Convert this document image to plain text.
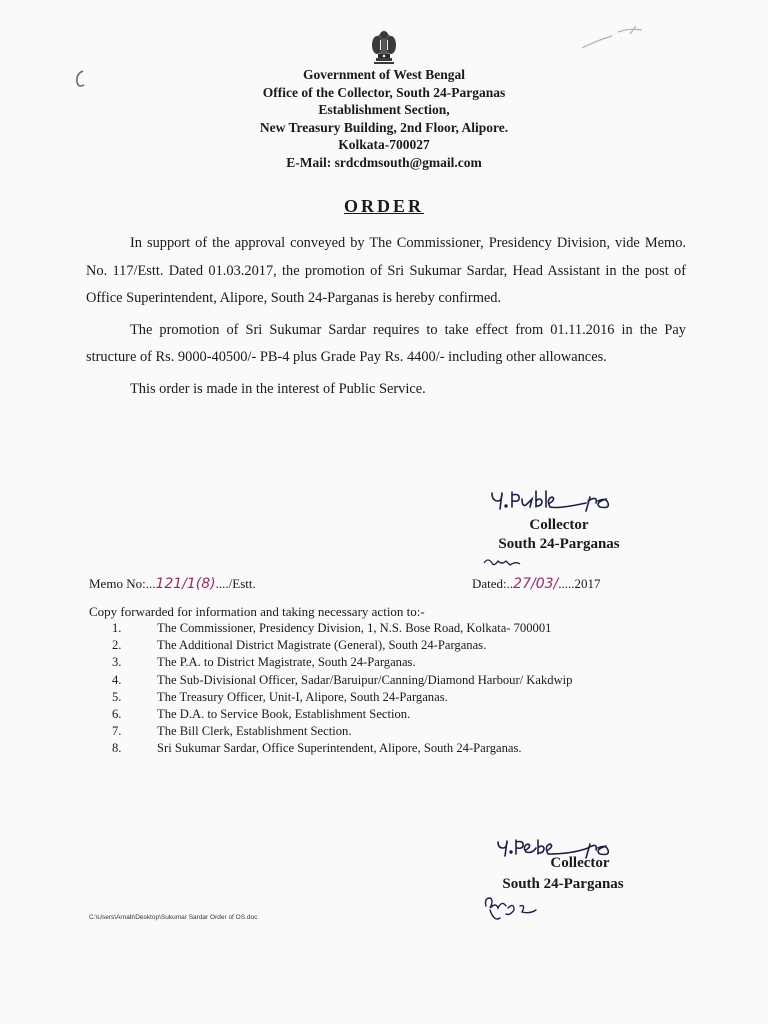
Government of West Bengal
Office of the Collector, South 24-Parganas
Establishment Section,
New Treasury Building, 2nd Floor, Alipore.
Kolkata-700027
E-Mail: srdcdmsouth@gmail.com
ORDER

In support of the approval conveyed by The Commissioner, Presidency Division, vide Memo. No. 117/Estt. Dated 01.03.2017, the promotion of Sri Sukumar Sardar, Head Assistant in the post of Office Superintendent, Alipore, South 24-Parganas is hereby confirmed.

The promotion of Sri Sukumar Sardar requires to take effect from 01.11.2016 in the Pay structure of Rs. 9000-40500/- PB-4 plus Grade Pay Rs. 4400/- including other allowances.

This order is made in the interest of Public Service.

Collector
South 24-Parganas
Memo No:...121/1(8)..../Estt.	Dated:..27/03/.....2017
Copy forwarded for information and taking necessary action to:-
1.	The Commissioner, Presidency Division, 1, N.S. Bose Road, Kolkata- 700001
2.	The Additional District Magistrate (General), South 24-Parganas.
3.	The P.A. to District Magistrate, South 24-Parganas.
4.	The Sub-Divisional Officer, Sadar/Baruipur/Canning/Diamond Harbour/ Kakdwip
5.	The Treasury Officer, Unit-I, Alipore, South 24-Parganas.
6.	The D.A. to Service Book, Establishment Section.
7.	The Bill Clerk, Establishment Section.
8.	Sri Sukumar Sardar, Office Superintendent, Alipore, South 24-Parganas.
Collector
South 24-Parganas
C:\Users\Arnab\Desktop\Sukumar Sardar Order of OS.doc
